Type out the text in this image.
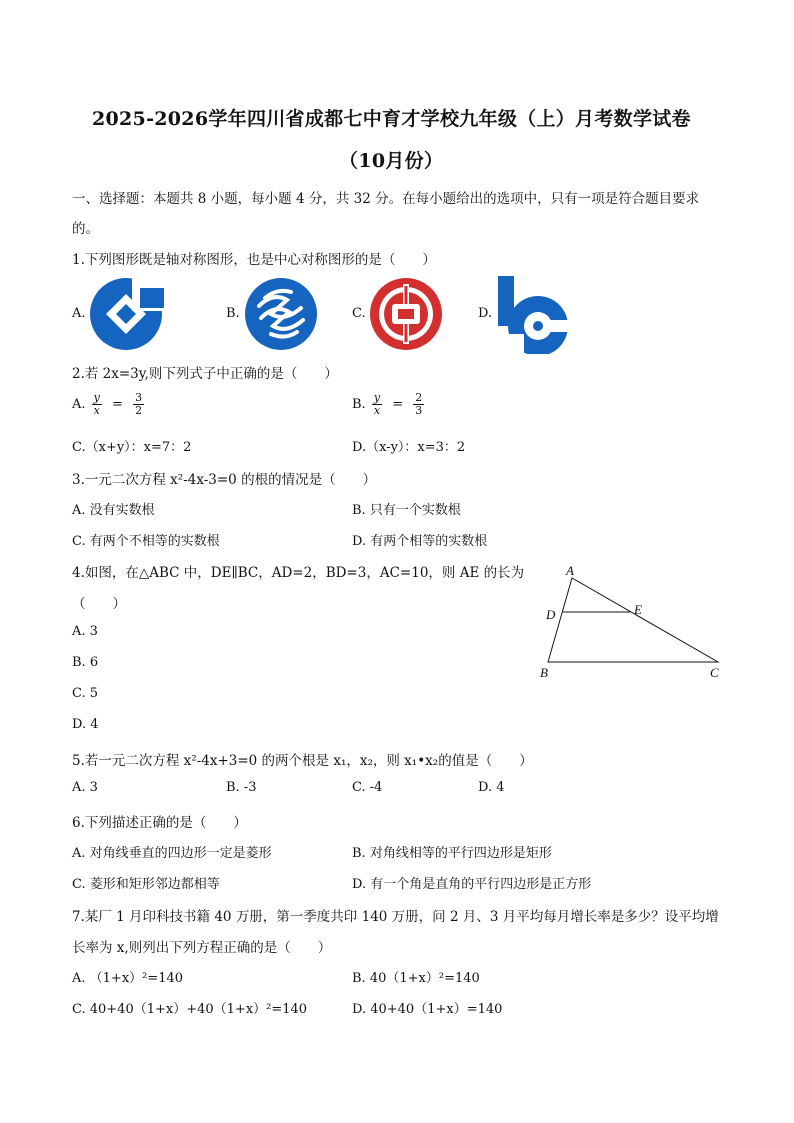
2025-2026学年四川省成都七中育才学校九年级（上）月考数学试卷
（10月份）
一、选择题：本题共 8 小题，每小题 4 分，共 32 分。在每小题给出的选项中，只有一项是符合题目要求
的。
1.下列图形既是轴对称图形，也是中心对称图形的是（　　）
A.	B.	C.	D.
2.若 2x=3y,则下列式子中正确的是（　　）
A. $\frac{y}{x} = \frac{3}{2}$	B. $\frac{y}{x} = \frac{2}{3}$
C.（x+y）：x=7：2	D.（x-y）：x=3：2
3.一元二次方程 x²-4x-3=0 的根的情况是（　　）
A. 没有实数根	B. 只有一个实数根
C. 有两个不相等的实数根	D. 有两个相等的实数根
4.如图，在△ABC 中，DE∥BC，AD=2，BD=3，AC=10，则 AE 的长为
（　　）
A. 3
B. 6
C. 5
D. 4
A
D	E
B	C
5.若一元二次方程 x²-4x+3=0 的两个根是 x₁，x₂，则 x₁•x₂的值是（　　）
A. 3	B. -3	C. -4	D. 4
6.下列描述正确的是（　　）
A. 对角线垂直的四边形一定是菱形	B. 对角线相等的平行四边形是矩形
C. 菱形和矩形邻边都相等	D. 有一个角是直角的平行四边形是正方形
7.某厂 1 月印科技书籍 40 万册，第一季度共印 140 万册，问 2 月、3 月平均每月增长率是多少？设平均增
长率为 x,则列出下列方程正确的是（　　）
A. （1+x）²=140	B. 40（1+x）²=140
C. 40+40（1+x）+40（1+x）²=140	D. 40+40（1+x）=140
